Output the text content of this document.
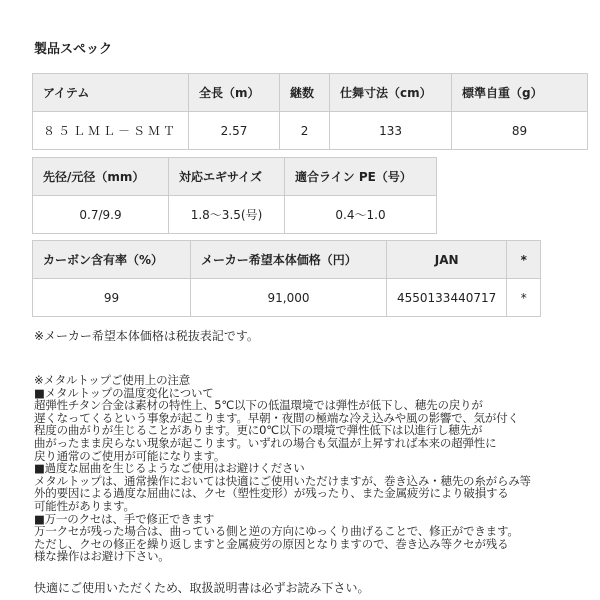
製品スペック
アイテム	全長（m）	継数	仕舞寸法（cm）	標準自重（g）
８５ＬＭＬ－ＳＭＴ	2.57	2	133	89
先径/元径（mm）	対応エギサイズ	適合ライン PE（号）
0.7/9.9	1.8～3.5(号)	0.4～1.0
カーボン含有率（%）	メーカー希望本体価格（円）	JAN	*
99	91,000	4550133440717	*
※メーカー希望本体価格は税抜表記です。
※メタルトップご使用上の注意
■メタルトップの温度変化について
超弾性チタン合金は素材の特性上、5℃以下の低温環境では弾性が低下し、穂先の戻りが
遅くなってくるという事象が起こります。早朝・夜間の極端な冷え込みや風の影響で、気が付く
程度の曲がりが生じることがあります。更に0℃以下の環境で弾性低下は以進行し穂先が
曲がったまま戻らない現象が起こります。いずれの場合も気温が上昇すれば本来の超弾性に
戻り通常のご使用が可能になります。
■過度な屈曲を生じるようなご使用はお避けください
メタルトップは、通常操作においては快適にご使用いただけますが、巻き込み・穂先の糸がらみ等
外的要因による過度な屈曲には、クセ（塑性変形）が残ったり、また金属疲労により破損する
可能性があります。
■万一のクセは、手で修正できます
万一クセが残った場合は、曲っている側と逆の方向にゆっくり曲げることで、修正ができます。
ただし、クセの修正を繰り返しますと金属疲労の原因となりますので、巻き込み等クセが残る
様な操作はお避け下さい。
快適にご使用いただくため、取扱説明書は必ずお読み下さい。
